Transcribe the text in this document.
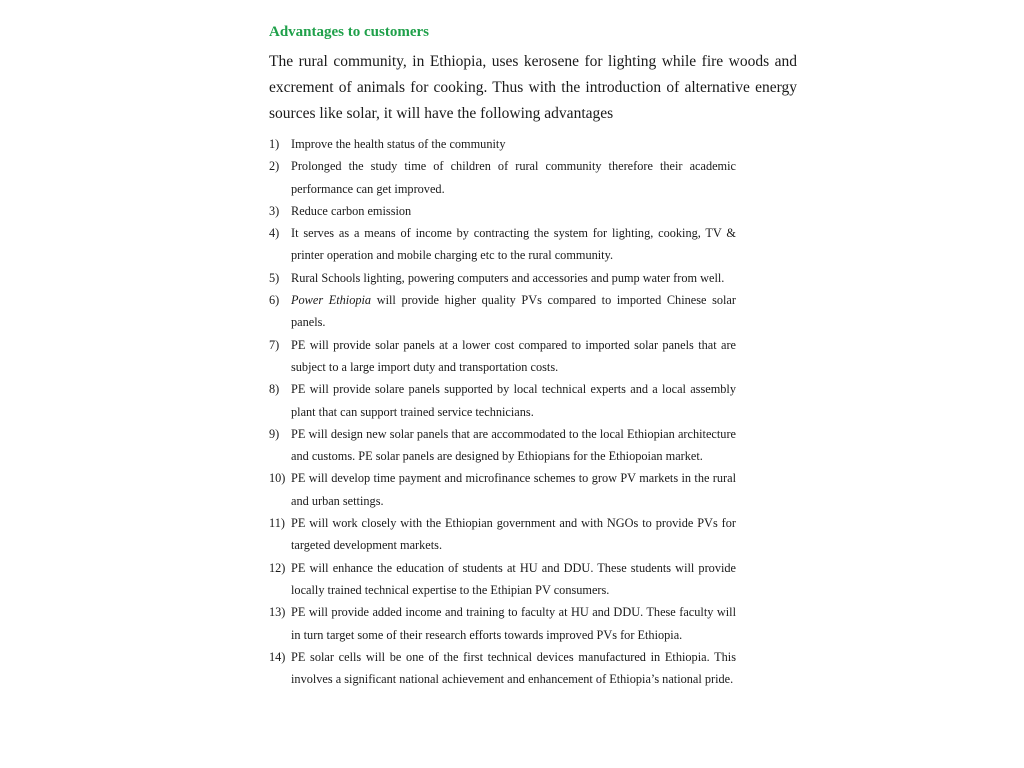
Advantages to customers

The rural community, in Ethiopia, uses kerosene for lighting while fire woods and excrement of animals for cooking. Thus with the introduction of alternative energy sources like solar, it will have the following advantages

1) Improve the health status of the community
2) Prolonged the study time of children of rural community therefore their academic performance can get improved.
3) Reduce carbon emission
4) It serves as a means of income by contracting the system for lighting, cooking, TV & printer operation and mobile charging etc to the rural community.
5) Rural Schools lighting, powering computers and accessories and pump water from well.
6) Power Ethiopia will provide higher quality PVs compared to imported Chinese solar panels.
7) PE will provide solar panels at a lower cost compared to imported solar panels that are subject to a large import duty and transportation costs.
8) PE will provide solare panels supported by local technical experts and a local assembly plant that can support trained service technicians.
9) PE will design new solar panels that are accommodated to the local Ethiopian architecture and customs. PE solar panels are designed by Ethiopians for the Ethiopoian market.
10) PE will develop time payment and microfinance schemes to grow PV markets in the rural and urban settings.
11) PE will work closely with the Ethiopian government and with NGOs to provide PVs for targeted development markets.
12) PE will enhance the education of students at HU and DDU. These students will provide locally trained technical expertise to the Ethipian PV consumers.
13) PE will provide added income and training to faculty at HU and DDU. These faculty will in turn target some of their research efforts towards improved PVs for Ethiopia.
14) PE solar cells will be one of the first technical devices manufactured in Ethiopia. This involves a significant national achievement and enhancement of Ethiopia’s national pride.
